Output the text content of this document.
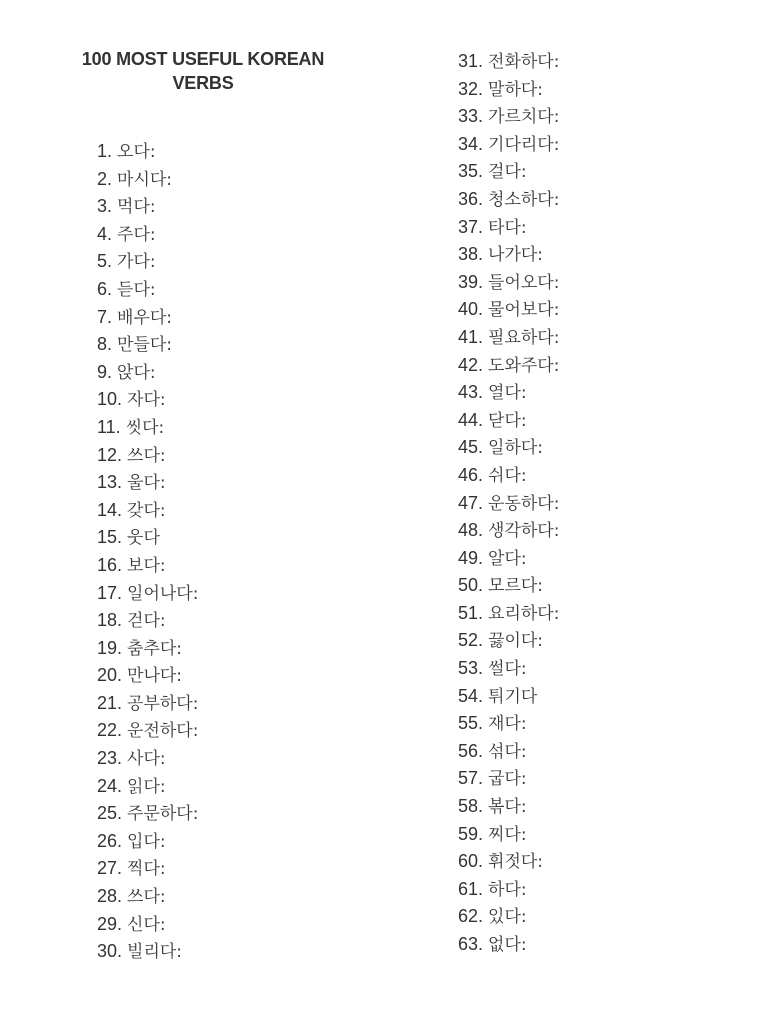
100 MOST USEFUL KOREAN VERBS
1. 오다:
2. 마시다:
3. 먹다:
4. 주다:
5. 가다:
6. 듣다:
7. 배우다:
8. 만들다:
9. 앉다:
10. 자다:
11. 씻다:
12. 쓰다:
13. 울다:
14. 갖다:
15. 웃다
16. 보다:
17. 일어나다:
18. 걷다:
19. 춤추다:
20. 만나다:
21. 공부하다:
22. 운전하다:
23. 사다:
24. 읽다:
25. 주문하다:
26. 입다:
27. 찍다:
28. 쓰다:
29. 신다:
30. 빌리다:
31. 전화하다:
32. 말하다:
33. 가르치다:
34. 기다리다:
35. 걸다:
36. 청소하다:
37. 타다:
38. 나가다:
39. 들어오다:
40. 물어보다:
41. 필요하다:
42. 도와주다:
43. 열다:
44. 닫다:
45. 일하다:
46. 쉬다:
47. 운동하다:
48. 생각하다:
49. 알다:
50. 모르다:
51. 요리하다:
52. 끓이다:
53. 썰다:
54. 튀기다
55. 재다:
56. 섞다:
57. 굽다:
58. 볶다:
59. 찌다:
60. 휘젓다:
61. 하다:
62. 있다:
63. 없다:
